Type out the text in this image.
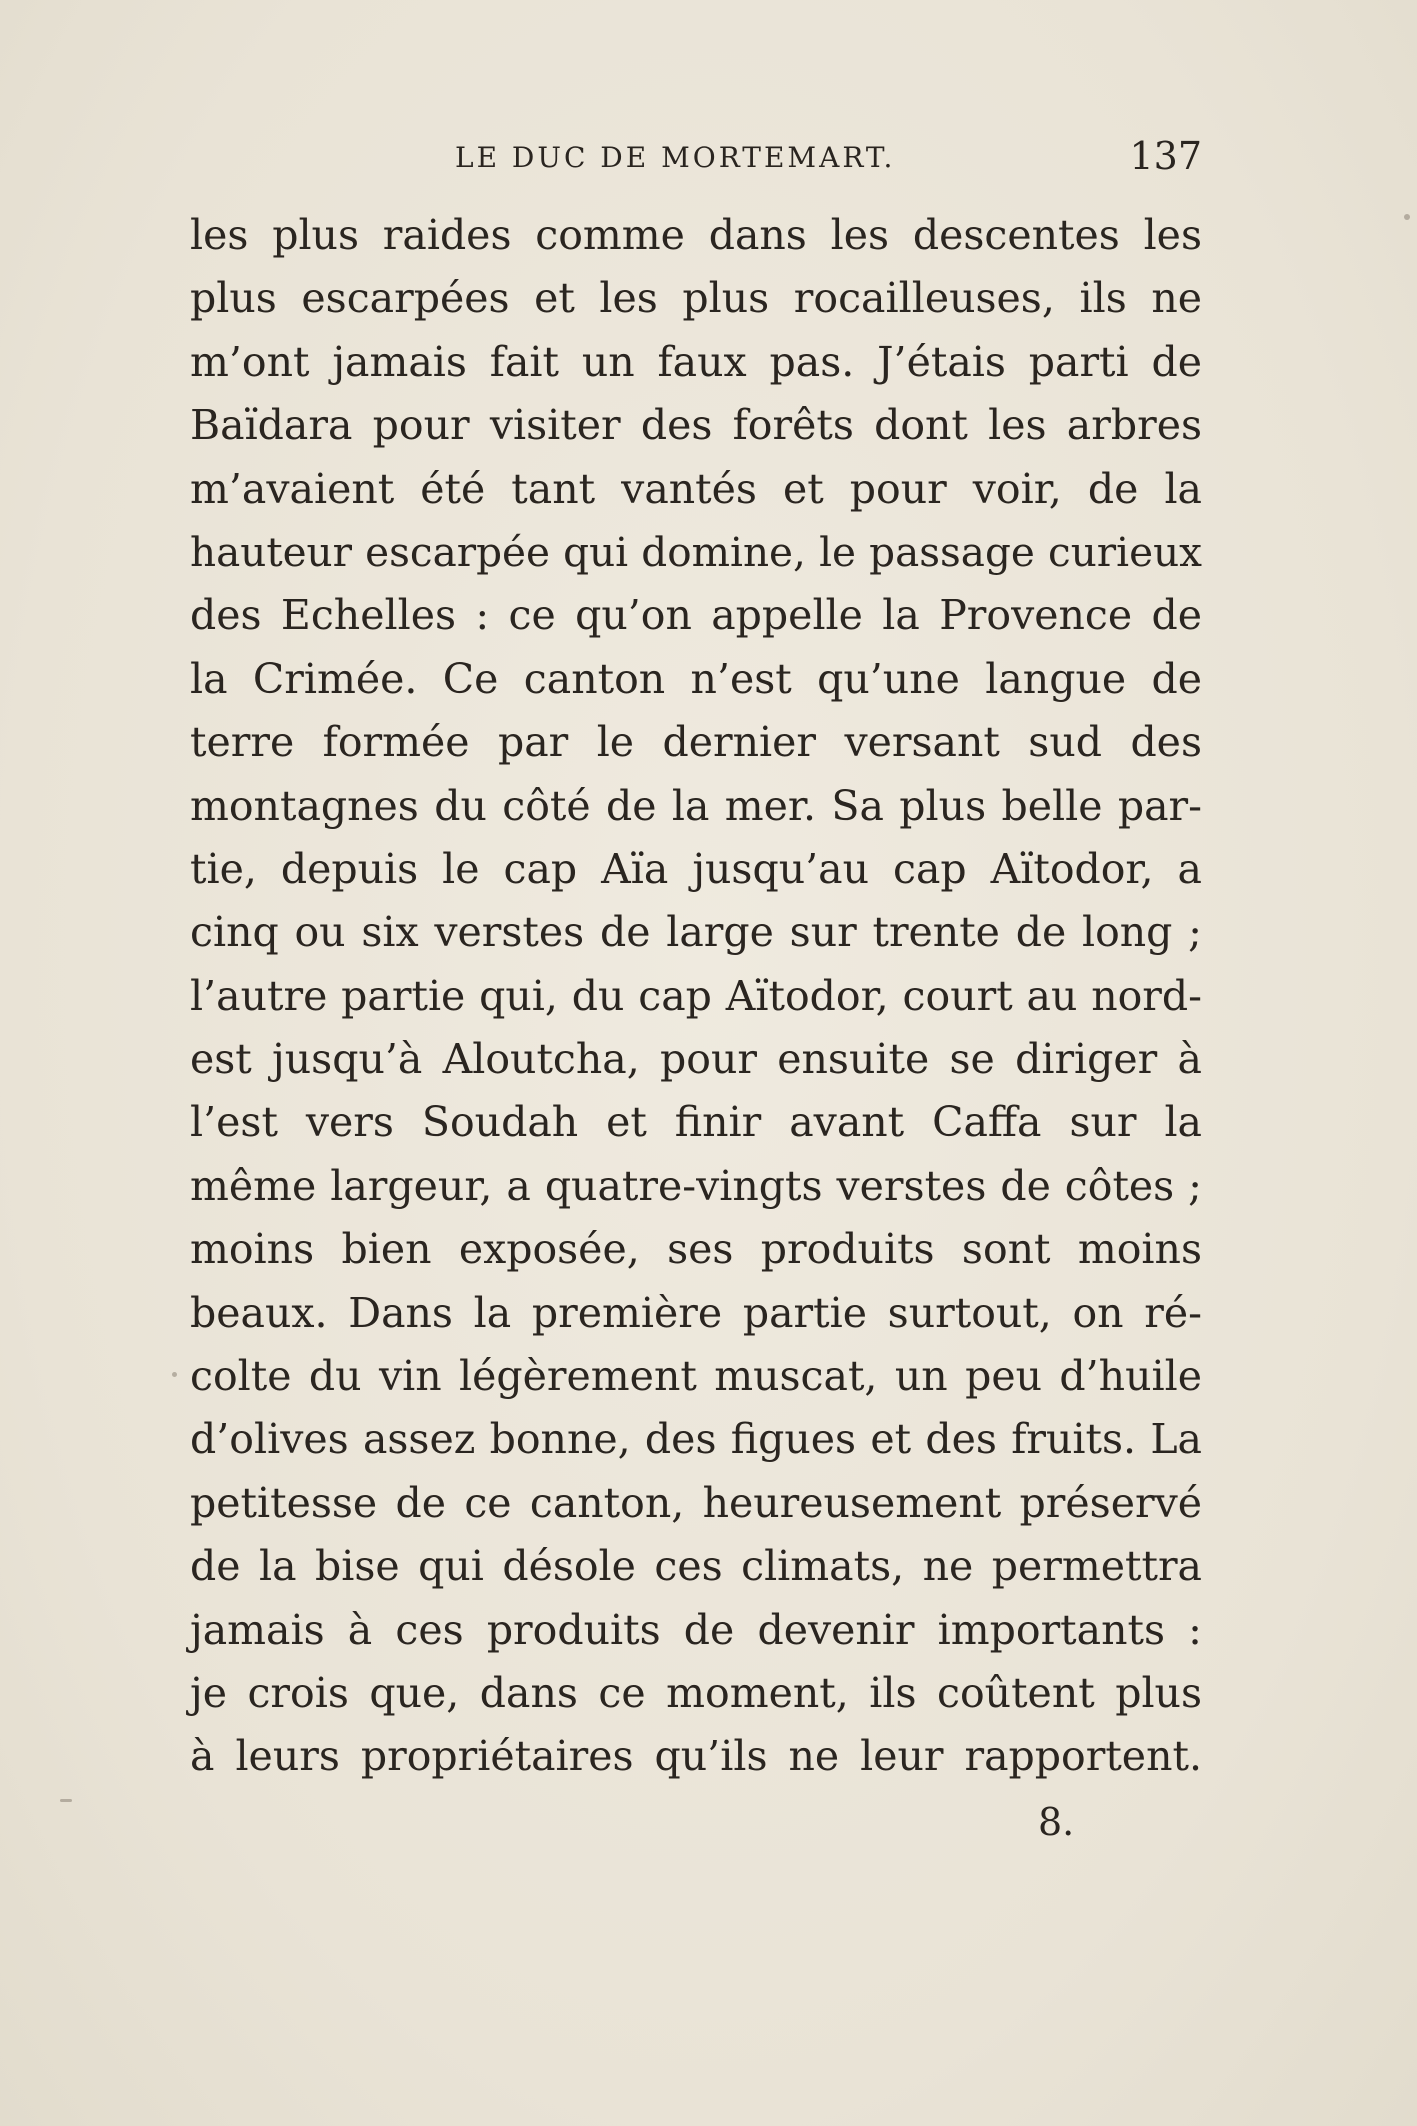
LE DUC DE MORTEMART.	137
les plus raides comme dans les descentes les
plus escarpées et les plus rocailleuses, ils ne
m’ont jamais fait un faux pas. J’étais parti de
Baïdara pour visiter des forêts dont les arbres
m’avaient été tant vantés et pour voir, de la
hauteur escarpée qui domine, le passage curieux
des Echelles : ce qu’on appelle la Provence de
la Crimée. Ce canton n’est qu’une langue de
terre formée par le dernier versant sud des
montagnes du côté de la mer. Sa plus belle par-
tie, depuis le cap Aïa jusqu’au cap Aïtodor, a
cinq ou six verstes de large sur trente de long ;
l’autre partie qui, du cap Aïtodor, court au nord-
est jusqu’à Aloutcha, pour ensuite se diriger à
l’est vers Soudah et finir avant Caffa sur la
même largeur, a quatre-vingts verstes de côtes ;
moins bien exposée, ses produits sont moins
beaux. Dans la première partie surtout, on ré-
colte du vin légèrement muscat, un peu d’huile
d’olives assez bonne, des figues et des fruits. La
petitesse de ce canton, heureusement préservé
de la bise qui désole ces climats, ne permettra
jamais à ces produits de devenir importants :
je crois que, dans ce moment, ils coûtent plus
à leurs propriétaires qu’ils ne leur rapportent.
8.
